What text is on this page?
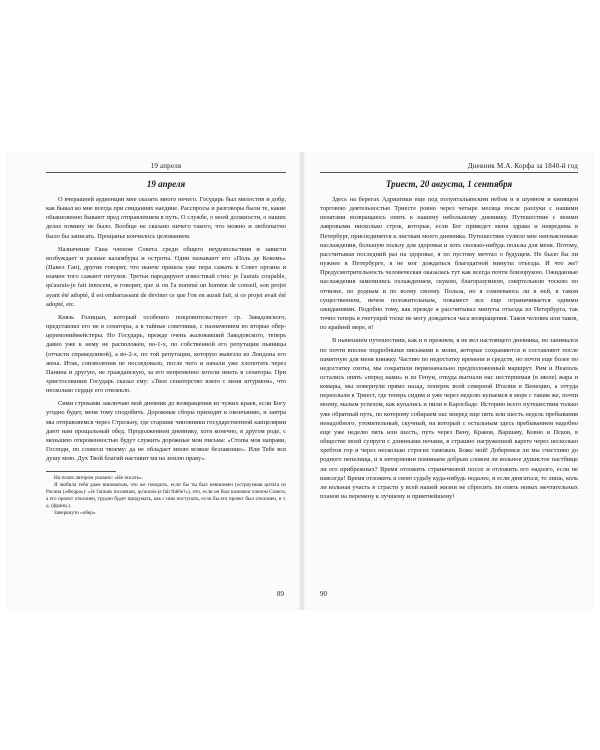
19 апреля
19 апреля

О вчерашней аудиенции мне сказать много нечего. Государь был милостив и добр, как бывал ко мне всегда при свиданиях наедине. Расспросы и разговоры были те, какие обыкновенно бывают пред отправлением в путь. О службе, о моей должности, о наших делах помину не было. Вообще не сказано ничего такого, что можно и любопытно было бы записать. Прощанье кончилось целованием.

Назначение Гана членом Совета среди общего неудовольствия и зависти возбуждает и разные каламбуры и остроты. Одни называют его «Поль де Кокомъ» (Павел Ган), другие говорят, что нынче пришла уже пора сажать в Совет органы и взамен того сажают петухов. Третьи пародируют известный стих: je l'aurais coupable, qu'aurais-je fait innocent, и говорят, que si on l'a nommé un homme de conseil, son projet ayant été adopté, il est embarrassant de deviner ce que l'on en aurait fait, si ce projet avait été adopté, etc.

Князь Голицын, который особенно покровительствует гр. Завадовского, представлял его не в сенаторы, а в тайные советники, с назначением во вторые обер-церемониймейстеры. Но Государь, прежде очень жаловавший Завадовского, теперь давно уже к нему не расположен, во-1-х, по собственной его репутации пьяницы (отчасти справедливой), а во-2-х, по той репутации, которую вывезла из Лондона его жена. Итак, соизволения не последовало, после чего и начали уже хлопотать через Панина и другую, не гражданскую, за его непременно хотели иметь в сенаторы. При христосовании Государь сказал ему: «Твое сенаторство взято с меня штурмом», что несколько сердце его отвлекло.

Сими строками заключаю мой дневник до возвращения из чужих краев, если Богу угодно будет, меня тому сподобить. Дорожные сборы приходят к окончанию, и завтра мы отправляемся через Стрельну, где старшие чиновники государственной канцелярии дают нам прощальный обед. Продолжением дневнику, хотя конечно, в другом роде, с меньшею откровенностью будут служить дорожные мои письма: «Стопы моя направи, Господи, по словеси твоему: да не обладает мною всякое беззаконие». Или Тебе вся душу мою. Дух Твой благий наставит мя на землю праву».

На полях автором указано: «Не писать».

Я любила тебя даже виноватым, что же говорить, если бы ты был невиновен (остроумная цитата из Расина («Федра»): «Je l'aimais inconstant, qu'aurais-je fait fidèle?»), что, если он был назначен членом Совета, а его проект отклонен, трудно будет придумать, как с ним поступать, если бы его проект был отклонен, и т. д. (франц.).

Зачеркнуто «обер».

89
Дневник М.А. Корфа за 1840-й год
Триест, 20 августа, 1 сентября

Здесь на берегах Адриатики еще под полуитальянским небом и в шумном и кипящем торговою деятельностью Триесте ровно через четыре месяца после разлуки с нашими пенатами возвращаюсь опять к нашему небольшому дневнику. Путешествие с моими лавровыми нисколько строк, которые, если Бог приведет меня здрава и невредима в Петербург, присоединятся к листкам моего дневника. Путешествие сулило мне неизъяснимые наслаждения, большую пользу для здоровья и хоть сколько-нибудь пользы для меня. Потому, рассчитывая последний раз на здоровье, я по пустому мечтал о будущем. Не было бы ли нужнее в Петербурге, я не мог дождаться благодатной минуты отъезда. И что же? Предусмотрительность человеческая оказалась тут как всегда почти близорукою. Ожиданные наслаждения заменились охлаждением, скукою, благоразумною, смертельною тоскою по отчизне, по родным и по всему своему. Польза, но я сомневаюсь ли в ней, в таком существенном, нечем положительным, покамест все еще ограничивается одними ожиданиями. Подобно тому, как прежде я рассчитывал минуты отъезда из Петербурга, так точно теперь в гнетущей тоске не могу дождаться часа возвращения. Таков человек или таков, по крайней мере, я!

В нынешнем путешествии, как и в прежнем, я не вел настоящего дневника, но занимался по почти вполне подробными письмами к моим, которые сохраняются и составляют после памятную для меня книжку. Частию по недостатку времени и средств, но почти еще более по недостатку охоты, мы сократили первоначально предположенный маршрут. Рим и Неаполь остались опять «перед нами» и из Генуи, откуда выгнали нас нестерпимая (в июле) жара и комары, мы повернули прямо назад, поперек всей северной Италии в Венецию, а оттуда переплыли в Триест, где теперь сидим и уже через неделю купаемся в море с таким же, почти моему, малым успехом, как купались и пили в Карлсбаде. Историю всего путешествия только уже обратный путь, по которому собираем нас вперед еще пять или шесть недель пребывания ненадобного, утомительный, скучный, на который с остальным здесь пребыванием надобно еще уже неделю пять или шесть, путь через Вену, Краков, Варшаву, Ковно и Псков, в обществе моей супруги с длинными ночами, в страшно нагруженной карете через несколько хребтов гор и через несколько строгих таможен. Боже мой! Доберемся ли мы счастливо до родного пепелища, и в нетерпении поминаем добрым словом ли вольное душистое пастбище ли его прибрежных? Время отложить страничковой посох и отложить его надолго, если не навсегда! Время отложить и свою судьбу куда-нибудь подалее, и если двигаться, то лишь, коль ли вольная участь в страсти у всей нашей жизни не сбросить ли опять новых мечтательных планов на перемену к лучшему и приятнейшему!

90
